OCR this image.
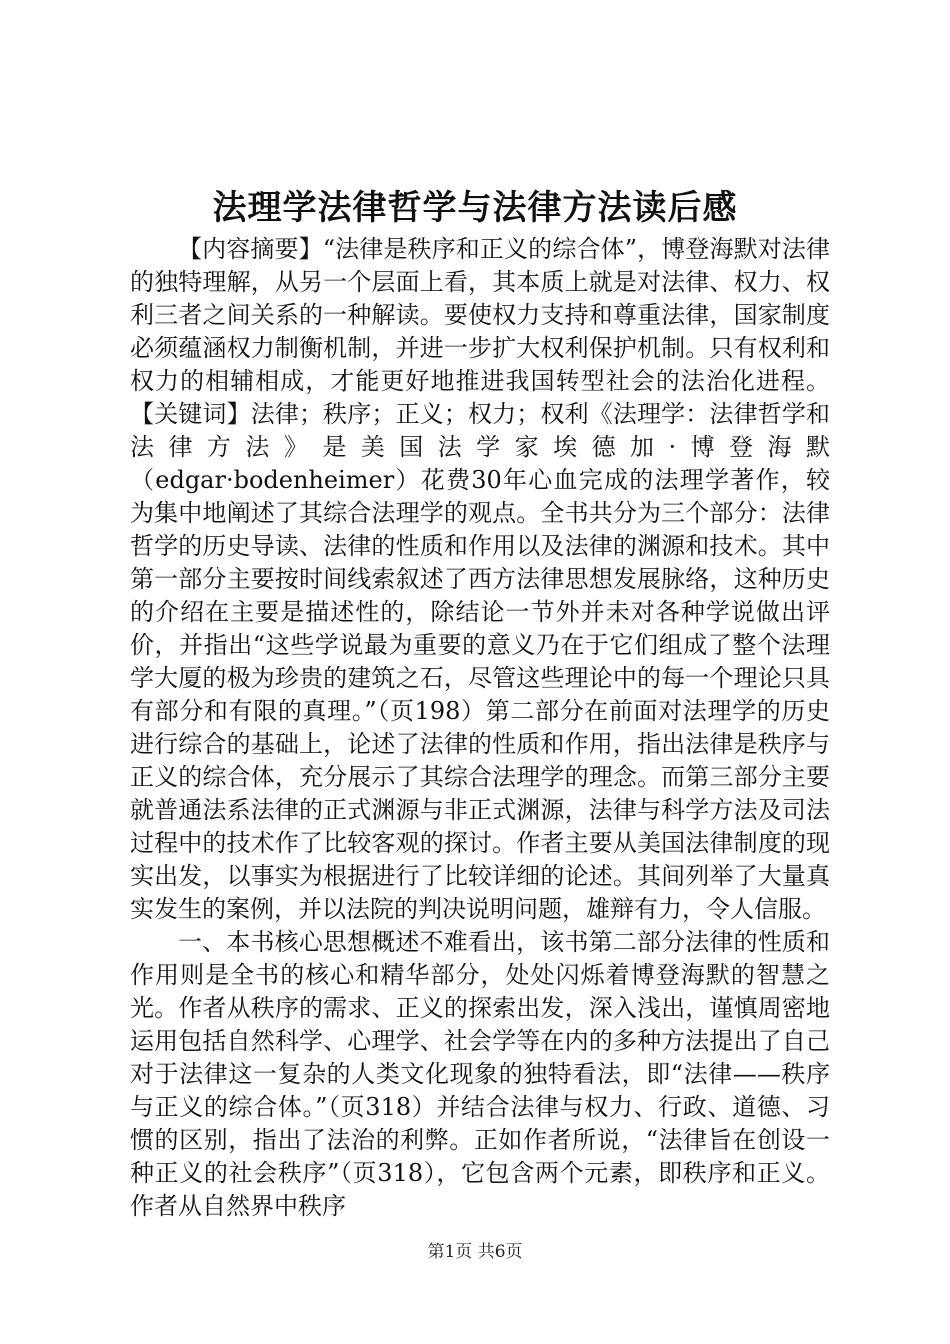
法理学法律哲学与法律方法读后感

【内容摘要】“法律是秩序和正义的综合体”，博登海默对法律的独特理解，从另一个层面上看，其本质上就是对法律、权力、权利三者之间关系的一种解读。要使权力支持和尊重法律，国家制度必须蕴涵权力制衡机制，并进一步扩大权利保护机制。只有权利和权力的相辅相成，才能更好地推进我国转型社会的法治化进程。【关键词】法律；秩序；正义；权力；权利《法理学：法律哲学和法律方法》是美国法学家埃德加·博登海默（edgar·bodenheimer）花费30年心血完成的法理学著作，较为集中地阐述了其综合法理学的观点。全书共分为三个部分：法律哲学的历史导读、法律的性质和作用以及法律的渊源和技术。其中第一部分主要按时间线索叙述了西方法律思想发展脉络，这种历史的介绍在主要是描述性的，除结论一节外并未对各种学说做出评价，并指出“这些学说最为重要的意义乃在于它们组成了整个法理学大厦的极为珍贵的建筑之石，尽管这些理论中的每一个理论只具有部分和有限的真理。”（页198）第二部分在前面对法理学的历史进行综合的基础上，论述了法律的性质和作用，指出法律是秩序与正义的综合体，充分展示了其综合法理学的理念。而第三部分主要就普通法系法律的正式渊源与非正式渊源，法律与科学方法及司法过程中的技术作了比较客观的探讨。作者主要从美国法律制度的现实出发，以事实为根据进行了比较详细的论述。其间列举了大量真实发生的案例，并以法院的判决说明问题，雄辩有力，令人信服。

一、本书核心思想概述不难看出，该书第二部分法律的性质和作用则是全书的核心和精华部分，处处闪烁着博登海默的智慧之光。作者从秩序的需求、正义的探索出发，深入浅出，谨慎周密地运用包括自然科学、心理学、社会学等在内的多种方法提出了自己对于法律这一复杂的人类文化现象的独特看法，即“法律——秩序与正义的综合体。”（页318）并结合法律与权力、行政、道德、习惯的区别，指出了法治的利弊。正如作者所说，“法律旨在创设一种正义的社会秩序”（页318），它包含两个元素，即秩序和正义。作者从自然界中秩序

第1页 共6页
